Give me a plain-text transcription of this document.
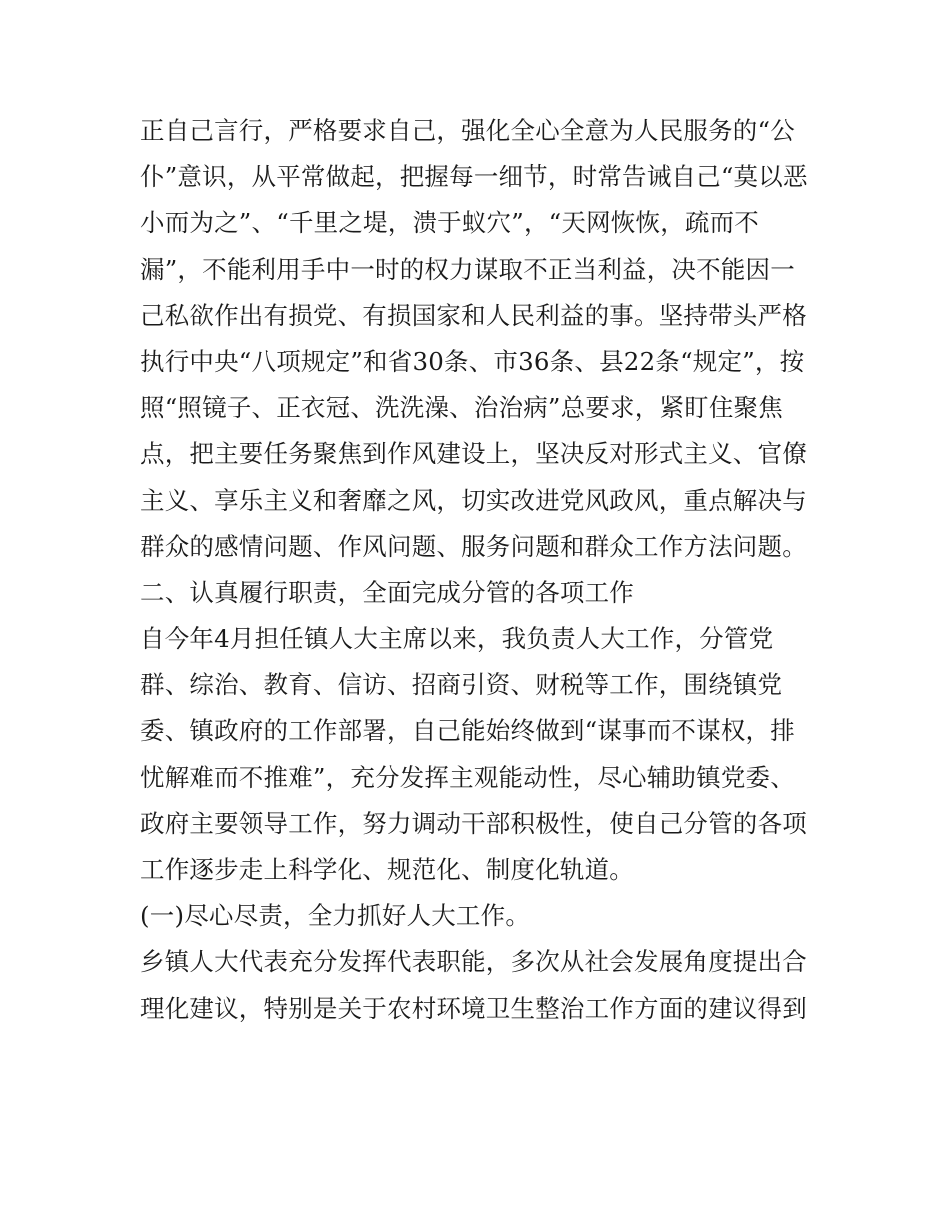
正自己言行，严格要求自己，强化全心全意为人民服务的“公
仆”意识，从平常做起，把握每一细节，时常告诫自己“莫以恶
小而为之”、“千里之堤，溃于蚁穴”，“天网恢恢，疏而不
漏”，不能利用手中一时的权力谋取不正当利益，决不能因一
己私欲作出有损党、有损国家和人民利益的事。坚持带头严格
执行中央“八项规定”和省30条、市36条、县22条“规定”，按
照“照镜子、正衣冠、洗洗澡、治治病”总要求，紧盯住聚焦
点，把主要任务聚焦到作风建设上，坚决反对形式主义、官僚
主义、享乐主义和奢靡之风，切实改进党风政风，重点解决与
群众的感情问题、作风问题、服务问题和群众工作方法问题。
二、认真履行职责，全面完成分管的各项工作
自今年4月担任镇人大主席以来，我负责人大工作，分管党
群、综治、教育、信访、招商引资、财税等工作，围绕镇党
委、镇政府的工作部署，自己能始终做到“谋事而不谋权，排
忧解难而不推难”，充分发挥主观能动性，尽心辅助镇党委、
政府主要领导工作，努力调动干部积极性，使自己分管的各项
工作逐步走上科学化、规范化、制度化轨道。
(一)尽心尽责，全力抓好人大工作。
乡镇人大代表充分发挥代表职能，多次从社会发展角度提出合
理化建议，特别是关于农村环境卫生整治工作方面的建议得到
